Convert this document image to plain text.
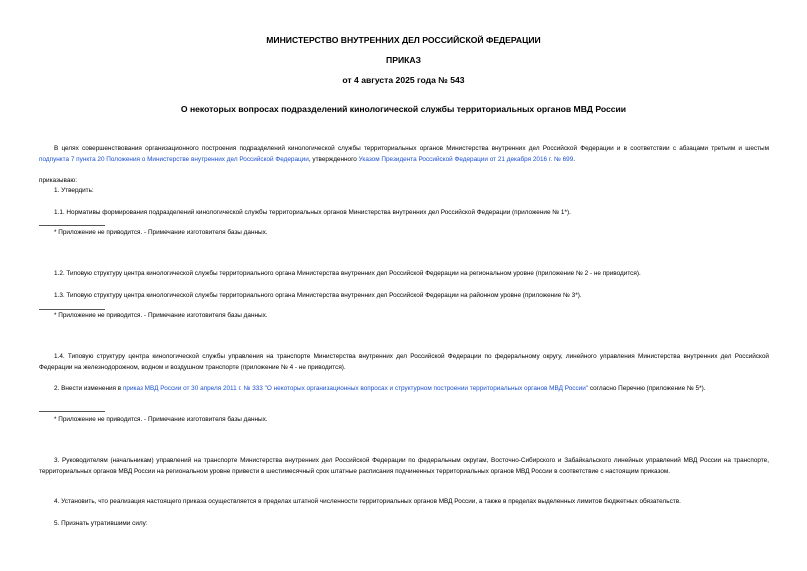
МИНИСТЕРСТВО ВНУТРЕННИХ ДЕЛ РОССИЙСКОЙ ФЕДЕРАЦИИ
ПРИКАЗ
от 4 августа 2025 года № 543
О некоторых вопросах подразделений кинологической службы территориальных органов МВД России
В целях совершенствования организационного построения подразделений кинологической службы территориальных органов Министерства внутренних дел Российской Федерации и в соответствии с абзацами третьим и шестым подпункта 7 пункта 20 Положения о Министерстве внутренних дел Российской Федерации, утвержденного Указом Президента Российской Федерации от 21 декабря 2016 г. № 699.
приказываю:
1. Утвердить:
1.1. Нормативы формирования подразделений кинологической службы территориальных органов Министерства внутренних дел Российской Федерации (приложение № 1*).
* Приложение не приводится. - Примечание изготовителя базы данных.
1.2. Типовую структуру центра кинологической службы территориального органа Министерства внутренних дел Российской Федерации на региональном уровне (приложение № 2 - не приводится).
1.3. Типовую структуру центра кинологической службы территориального органа Министерства внутренних дел Российской Федерации на районном уровне (приложение № 3*).
* Приложение не приводится. - Примечание изготовителя базы данных.
1.4. Типовую структуру центра кинологической службы управления на транспорте Министерства внутренних дел Российской Федерации по федеральному округу, линейного управления Министерства внутренних дел Российской Федерации на железнодорожном, водном и воздушном транспорте (приложение № 4 - не приводится).
2. Внести изменения в приказ МВД России от 30 апреля 2011 г. № 333 "О некоторых организационных вопросах и структурном построении территориальных органов МВД России" согласно Перечню (приложение № 5*).
* Приложение не приводится. - Примечание изготовителя базы данных.
3. Руководителям (начальникам) управлений на транспорте Министерства внутренних дел Российской Федерации по федеральным округам, Восточно-Сибирского и Забайкальского линейных управлений МВД России на транспорте, территориальных органов МВД России на региональном уровне привести в шестимесячный срок штатные расписания подчиненных территориальных органов МВД России в соответствие с настоящим приказом.
4. Установить, что реализация настоящего приказа осуществляется в пределах штатной численности территориальных органов МВД России, а также в пределах выделенных лимитов бюджетных обязательств.
5. Признать утратившими силу:
